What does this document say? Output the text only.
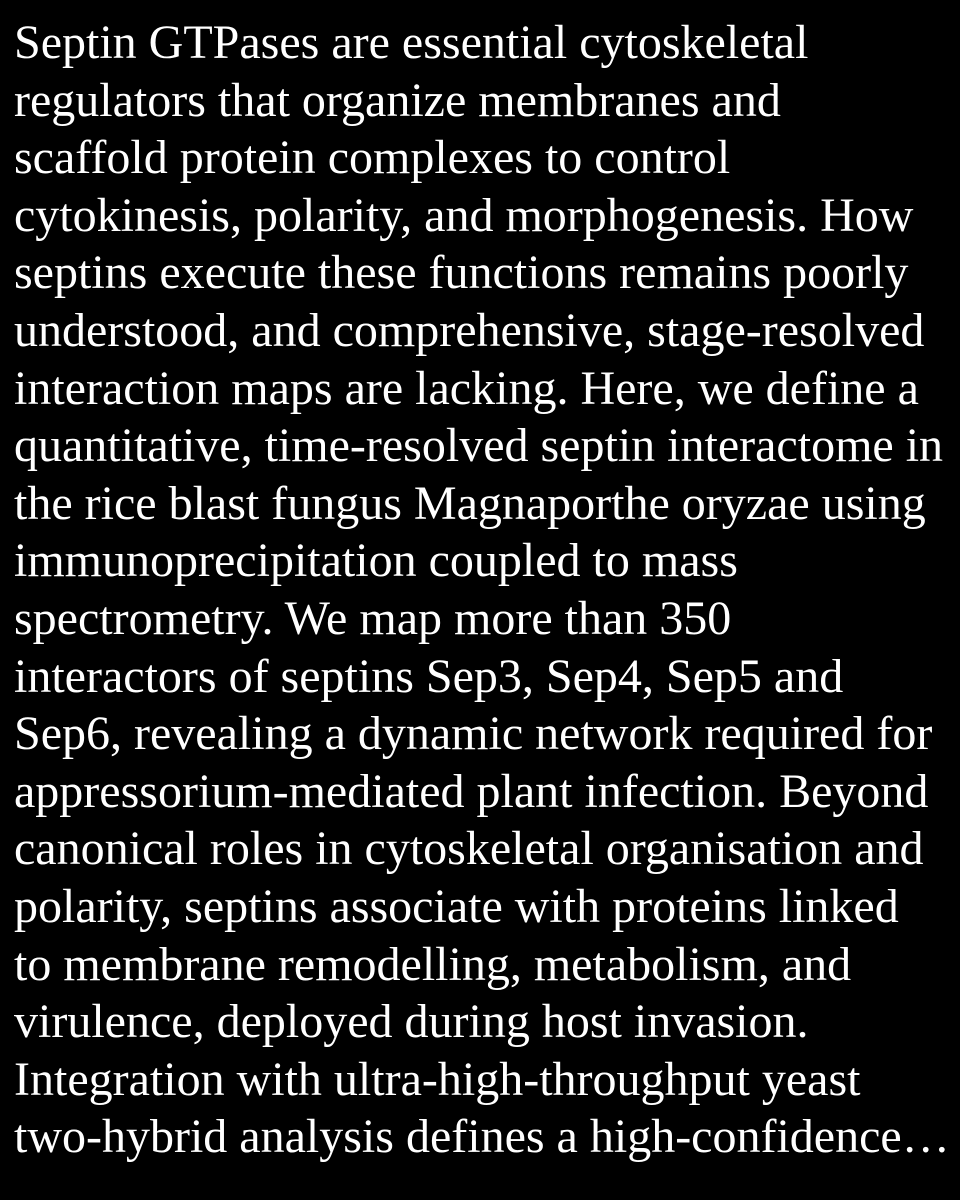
Septin GTPases are essential cytoskeletal
regulators that organize membranes and
scaffold protein complexes to control
cytokinesis, polarity, and morphogenesis. How
septins execute these functions remains poorly
understood, and comprehensive, stage-resolved
interaction maps are lacking. Here, we define a
quantitative, time-resolved septin interactome in
the rice blast fungus Magnaporthe oryzae using
immunoprecipitation coupled to mass
spectrometry. We map more than 350
interactors of septins Sep3, Sep4, Sep5 and
Sep6, revealing a dynamic network required for
appressorium-mediated plant infection. Beyond
canonical roles in cytoskeletal organisation and
polarity, septins associate with proteins linked
to membrane remodelling, metabolism, and
virulence, deployed during host invasion.
Integration with ultra-high-throughput yeast
two-hybrid analysis defines a high-confidence…
